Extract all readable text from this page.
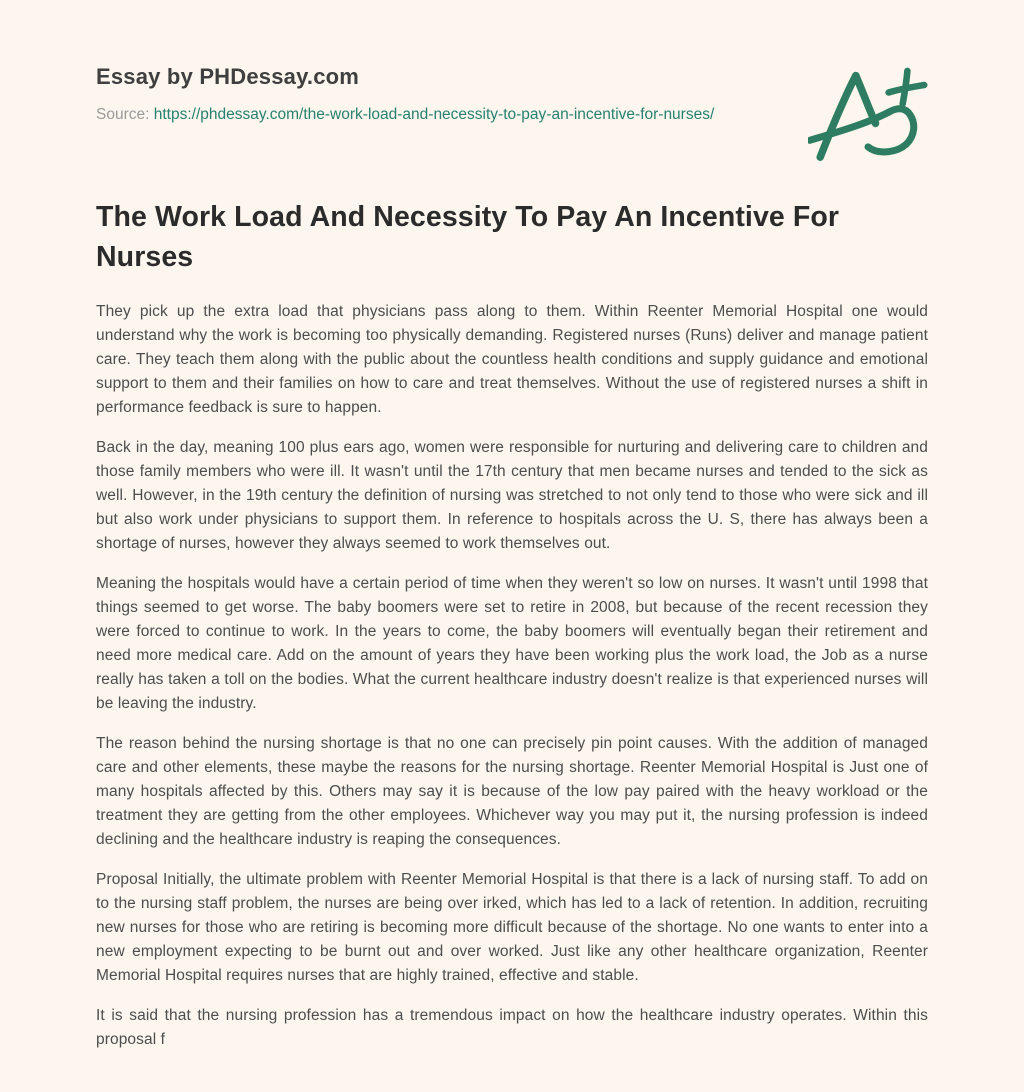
Essay by PHDessay.com

Source: https://phdessay.com/the-work-load-and-necessity-to-pay-an-incentive-for-nurses/

The Work Load And Necessity To Pay An Incentive For Nurses

They pick up the extra load that physicians pass along to them. Within Reenter Memorial Hospital one would understand why the work is becoming too physically demanding. Registered nurses (Runs) deliver and manage patient care. They teach them along with the public about the countless health conditions and supply guidance and emotional support to them and their families on how to care and treat themselves. Without the use of registered nurses a shift in performance feedback is sure to happen.

Back in the day, meaning 100 plus ears ago, women were responsible for nurturing and delivering care to children and those family members who were ill. It wasn't until the 17th century that men became nurses and tended to the sick as well. However, in the 19th century the definition of nursing was stretched to not only tend to those who were sick and ill but also work under physicians to support them. In reference to hospitals across the U. S, there has always been a shortage of nurses, however they always seemed to work themselves out.

Meaning the hospitals would have a certain period of time when they weren't so low on nurses. It wasn't until 1998 that things seemed to get worse. The baby boomers were set to retire in 2008, but because of the recent recession they were forced to continue to work. In the years to come, the baby boomers will eventually began their retirement and need more medical care. Add on the amount of years they have been working plus the work load, the Job as a nurse really has taken a toll on the bodies. What the current healthcare industry doesn't realize is that experienced nurses will be leaving the industry.

The reason behind the nursing shortage is that no one can precisely pin point causes. With the addition of managed care and other elements, these maybe the reasons for the nursing shortage. Reenter Memorial Hospital is Just one of many hospitals affected by this. Others may say it is because of the low pay paired with the heavy workload or the treatment they are getting from the other employees. Whichever way you may put it, the nursing profession is indeed declining and the healthcare industry is reaping the consequences.

Proposal Initially, the ultimate problem with Reenter Memorial Hospital is that there is a lack of nursing staff. To add on to the nursing staff problem, the nurses are being over irked, which has led to a lack of retention. In addition, recruiting new nurses for those who are retiring is becoming more difficult because of the shortage. No one wants to enter into a new employment expecting to be burnt out and over worked. Just like any other healthcare organization, Reenter Memorial Hospital requires nurses that are highly trained, effective and stable.

It is said that the nursing profession has a tremendous impact on how the healthcare industry operates. Within this proposal f
